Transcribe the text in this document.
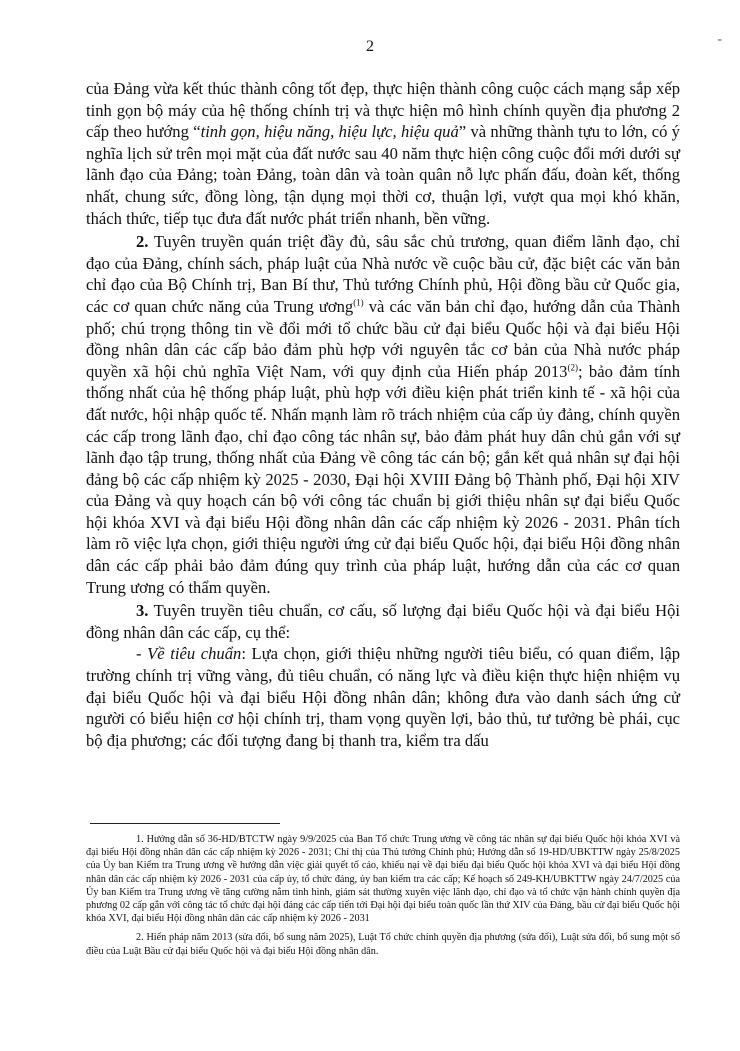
2	-

của Đảng vừa kết thúc thành công tốt đẹp, thực hiện thành công cuộc cách mạng sắp xếp tinh gọn bộ máy của hệ thống chính trị và thực hiện mô hình chính quyền địa phương 2 cấp theo hướng “tinh gọn, hiệu năng, hiệu lực, hiệu quả” và những thành tựu to lớn, có ý nghĩa lịch sử trên mọi mặt của đất nước sau 40 năm thực hiện công cuộc đổi mới dưới sự lãnh đạo của Đảng; toàn Đảng, toàn dân và toàn quân nỗ lực phấn đấu, đoàn kết, thống nhất, chung sức, đồng lòng, tận dụng mọi thời cơ, thuận lợi, vượt qua mọi khó khăn, thách thức, tiếp tục đưa đất nước phát triển nhanh, bền vững.

2. Tuyên truyền quán triệt đầy đủ, sâu sắc chủ trương, quan điểm lãnh đạo, chỉ đạo của Đảng, chính sách, pháp luật của Nhà nước về cuộc bầu cử, đặc biệt các văn bản chỉ đạo của Bộ Chính trị, Ban Bí thư, Thủ tướng Chính phủ, Hội đồng bầu cử Quốc gia, các cơ quan chức năng của Trung ương$^{(1)}$ và các văn bản chỉ đạo, hướng dẫn của Thành phố; chú trọng thông tin về đổi mới tổ chức bầu cử đại biểu Quốc hội và đại biểu Hội đồng nhân dân các cấp bảo đảm phù hợp với nguyên tắc cơ bản của Nhà nước pháp quyền xã hội chủ nghĩa Việt Nam, với quy định của Hiến pháp 2013$^{(2)}$; bảo đảm tính thống nhất của hệ thống pháp luật, phù hợp với điều kiện phát triển kinh tế - xã hội của đất nước, hội nhập quốc tế. Nhấn mạnh làm rõ trách nhiệm của cấp ủy đảng, chính quyền các cấp trong lãnh đạo, chỉ đạo công tác nhân sự, bảo đảm phát huy dân chủ gắn với sự lãnh đạo tập trung, thống nhất của Đảng về công tác cán bộ; gắn kết quả nhân sự đại hội đảng bộ các cấp nhiệm kỳ 2025 - 2030, Đại hội XVIII Đảng bộ Thành phố, Đại hội XIV của Đảng và quy hoạch cán bộ với công tác chuẩn bị giới thiệu nhân sự đại biểu Quốc hội khóa XVI và đại biểu Hội đồng nhân dân các cấp nhiệm kỳ 2026 - 2031. Phân tích làm rõ việc lựa chọn, giới thiệu người ứng cử đại biểu Quốc hội, đại biểu Hội đồng nhân dân các cấp phải bảo đảm đúng quy trình của pháp luật, hướng dẫn của các cơ quan Trung ương có thẩm quyền.

3. Tuyên truyền tiêu chuẩn, cơ cấu, số lượng đại biểu Quốc hội và đại biểu Hội đồng nhân dân các cấp, cụ thể:

- Về tiêu chuẩn: Lựa chọn, giới thiệu những người tiêu biểu, có quan điểm, lập trường chính trị vững vàng, đủ tiêu chuẩn, có năng lực và điều kiện thực hiện nhiệm vụ đại biểu Quốc hội và đại biểu Hội đồng nhân dân; không đưa vào danh sách ứng cử người có biểu hiện cơ hội chính trị, tham vọng quyền lợi, bảo thủ, tư tưởng bè phái, cục bộ địa phương; các đối tượng đang bị thanh tra, kiểm tra dấu

1. Hướng dẫn số 36-HD/BTCTW ngày 9/9/2025 của Ban Tổ chức Trung ương về công tác nhân sự đại biểu Quốc hội khóa XVI và đại biểu Hội đồng nhân dân các cấp nhiệm kỳ 2026 - 2031; Chỉ thị của Thủ tướng Chính phủ; Hướng dẫn số 19-HD/UBKTTW ngày 25/8/2025 của Ủy ban Kiểm tra Trung ương về hướng dẫn việc giải quyết tố cáo, khiếu nại về đại biểu đại biểu Quốc hội khóa XVI và đại biểu Hội đồng nhân dân các cấp nhiệm kỳ 2026 - 2031 của cấp ủy, tổ chức đảng, ủy ban kiểm tra các cấp; Kế hoạch số 249-KH/UBKTTW ngày 24/7/2025 của Ủy ban Kiểm tra Trung ương về tăng cường nắm tình hình, giám sát thường xuyên việc lãnh đạo, chỉ đạo và tổ chức vận hành chính quyền địa phương 02 cấp gắn với công tác tổ chức đại hội đảng các cấp tiến tới Đại hội đại biểu toàn quốc lần thứ XIV của Đảng, bầu cử đại biểu Quốc hội khóa XVI, đại biểu Hội đồng nhân dân các cấp nhiệm kỳ 2026 - 2031

2. Hiến pháp năm 2013 (sửa đổi, bổ sung năm 2025), Luật Tổ chức chính quyền địa phương (sửa đổi), Luật sửa đổi, bổ sung một số điều của Luật Bầu cử đại biểu Quốc hội và đại biểu Hội đồng nhân dân.
